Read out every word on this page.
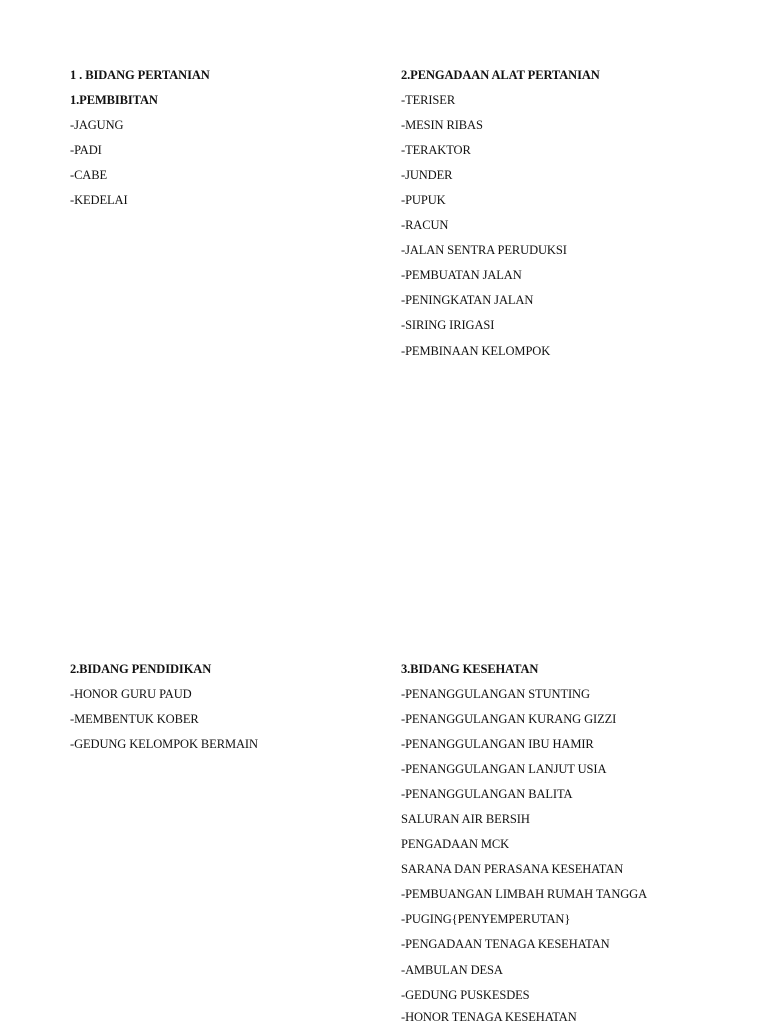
1 . BIDANG PERTANIAN
1.PEMBIBITAN
-JAGUNG
-PADI
-CABE
-KEDELAI
2.PENGADAAN ALAT PERTANIAN
-TERISER
-MESIN RIBAS
-TERAKTOR
-JUNDER
-PUPUK
-RACUN
-JALAN SENTRA PERUDUKSI
-PEMBUATAN JALAN
-PENINGKATAN JALAN
-SIRING IRIGASI
-PEMBINAAN KELOMPOK
2.BIDANG PENDIDIKAN
-HONOR GURU PAUD
-MEMBENTUK KOBER
-GEDUNG KELOMPOK BERMAIN
3.BIDANG KESEHATAN
-PENANGGULANGAN STUNTING
-PENANGGULANGAN KURANG GIZZI
-PENANGGULANGAN IBU HAMIR
-PENANGGULANGAN LANJUT USIA
-PENANGGULANGAN BALITA
SALURAN AIR BERSIH
PENGADAAN MCK
SARANA DAN PERASANA KESEHATAN
-PEMBUANGAN LIMBAH RUMAH TANGGA
-PUGING{PENYEMPERUTAN}
-PENGADAAN TENAGA KESEHATAN
-AMBULAN DESA
-GEDUNG PUSKESDES
-HONOR TENAGA KESEHATAN
